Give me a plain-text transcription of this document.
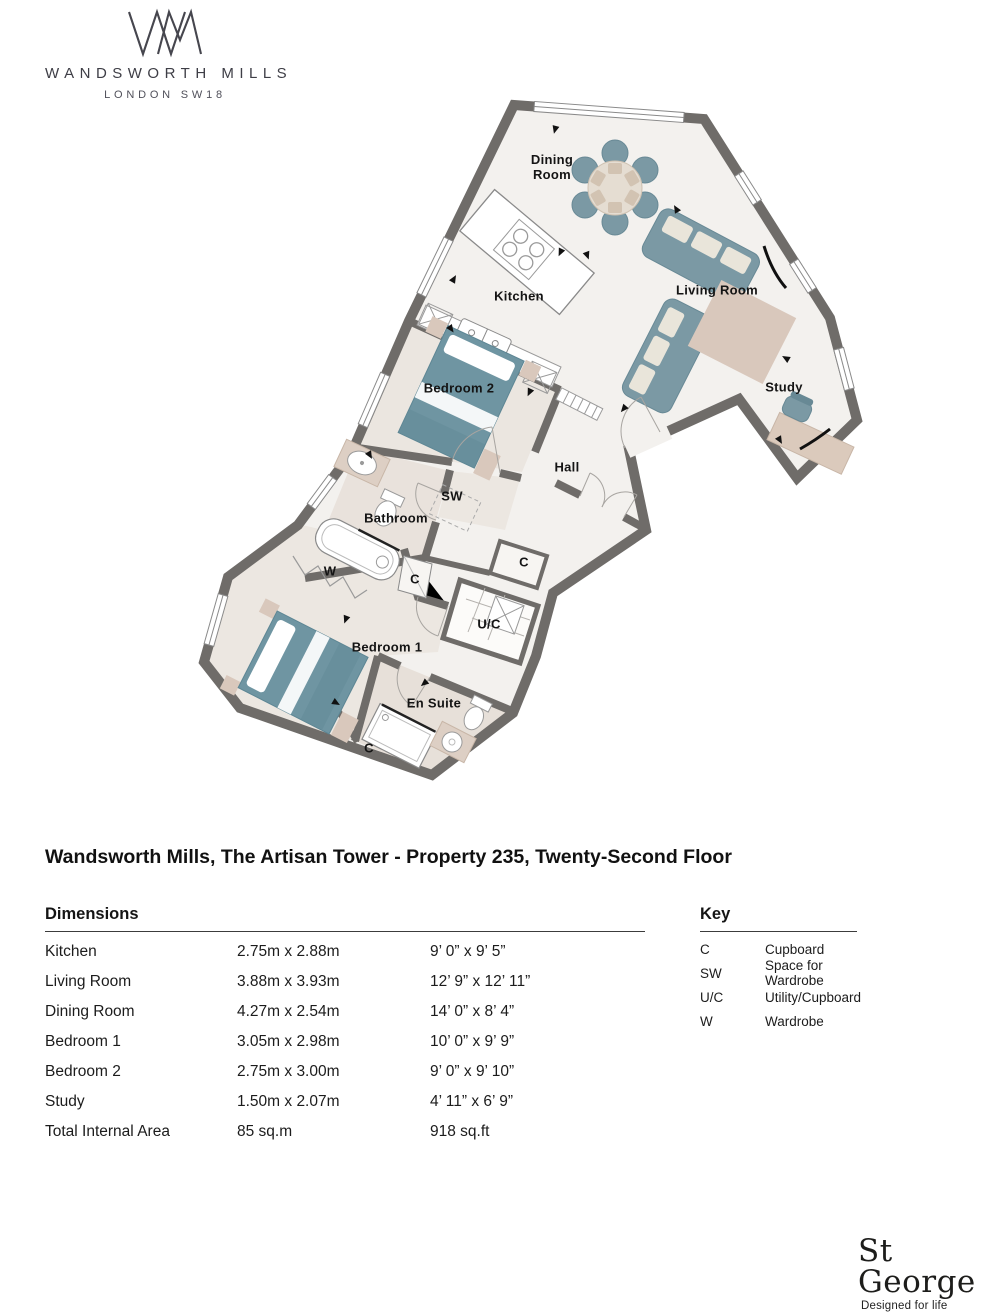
WANDSWORTH MILLS
LONDON SW18
Dining Room
Kitchen	Living Room
Study
Hall
Bedroom 2
SW
Bathroom
W
C
C
U/C
Bedroom 1
En Suite
C
Wandsworth Mills, The Artisan Tower - Property 235, Twenty-Second Floor
Dimensions
Kitchen	2.75m x 2.88m	9’ 0” x 9’ 5”
Living Room	3.88m x 3.93m	12’ 9” x 12’ 11”
Dining Room	4.27m x 2.54m	14’ 0” x 8’ 4”
Bedroom 1	3.05m x 2.98m	10’ 0” x 9’ 9”
Bedroom 2	2.75m x 3.00m	9’ 0” x 9’ 10”
Study	1.50m x 2.07m	4’ 11” x 6’ 9”
Total Internal Area	85 sq.m	918 sq.ft
Key
C	Cupboard
SW	Space for Wardrobe
U/C	Utility/Cupboard
W	Wardrobe
St George
Designed for life
